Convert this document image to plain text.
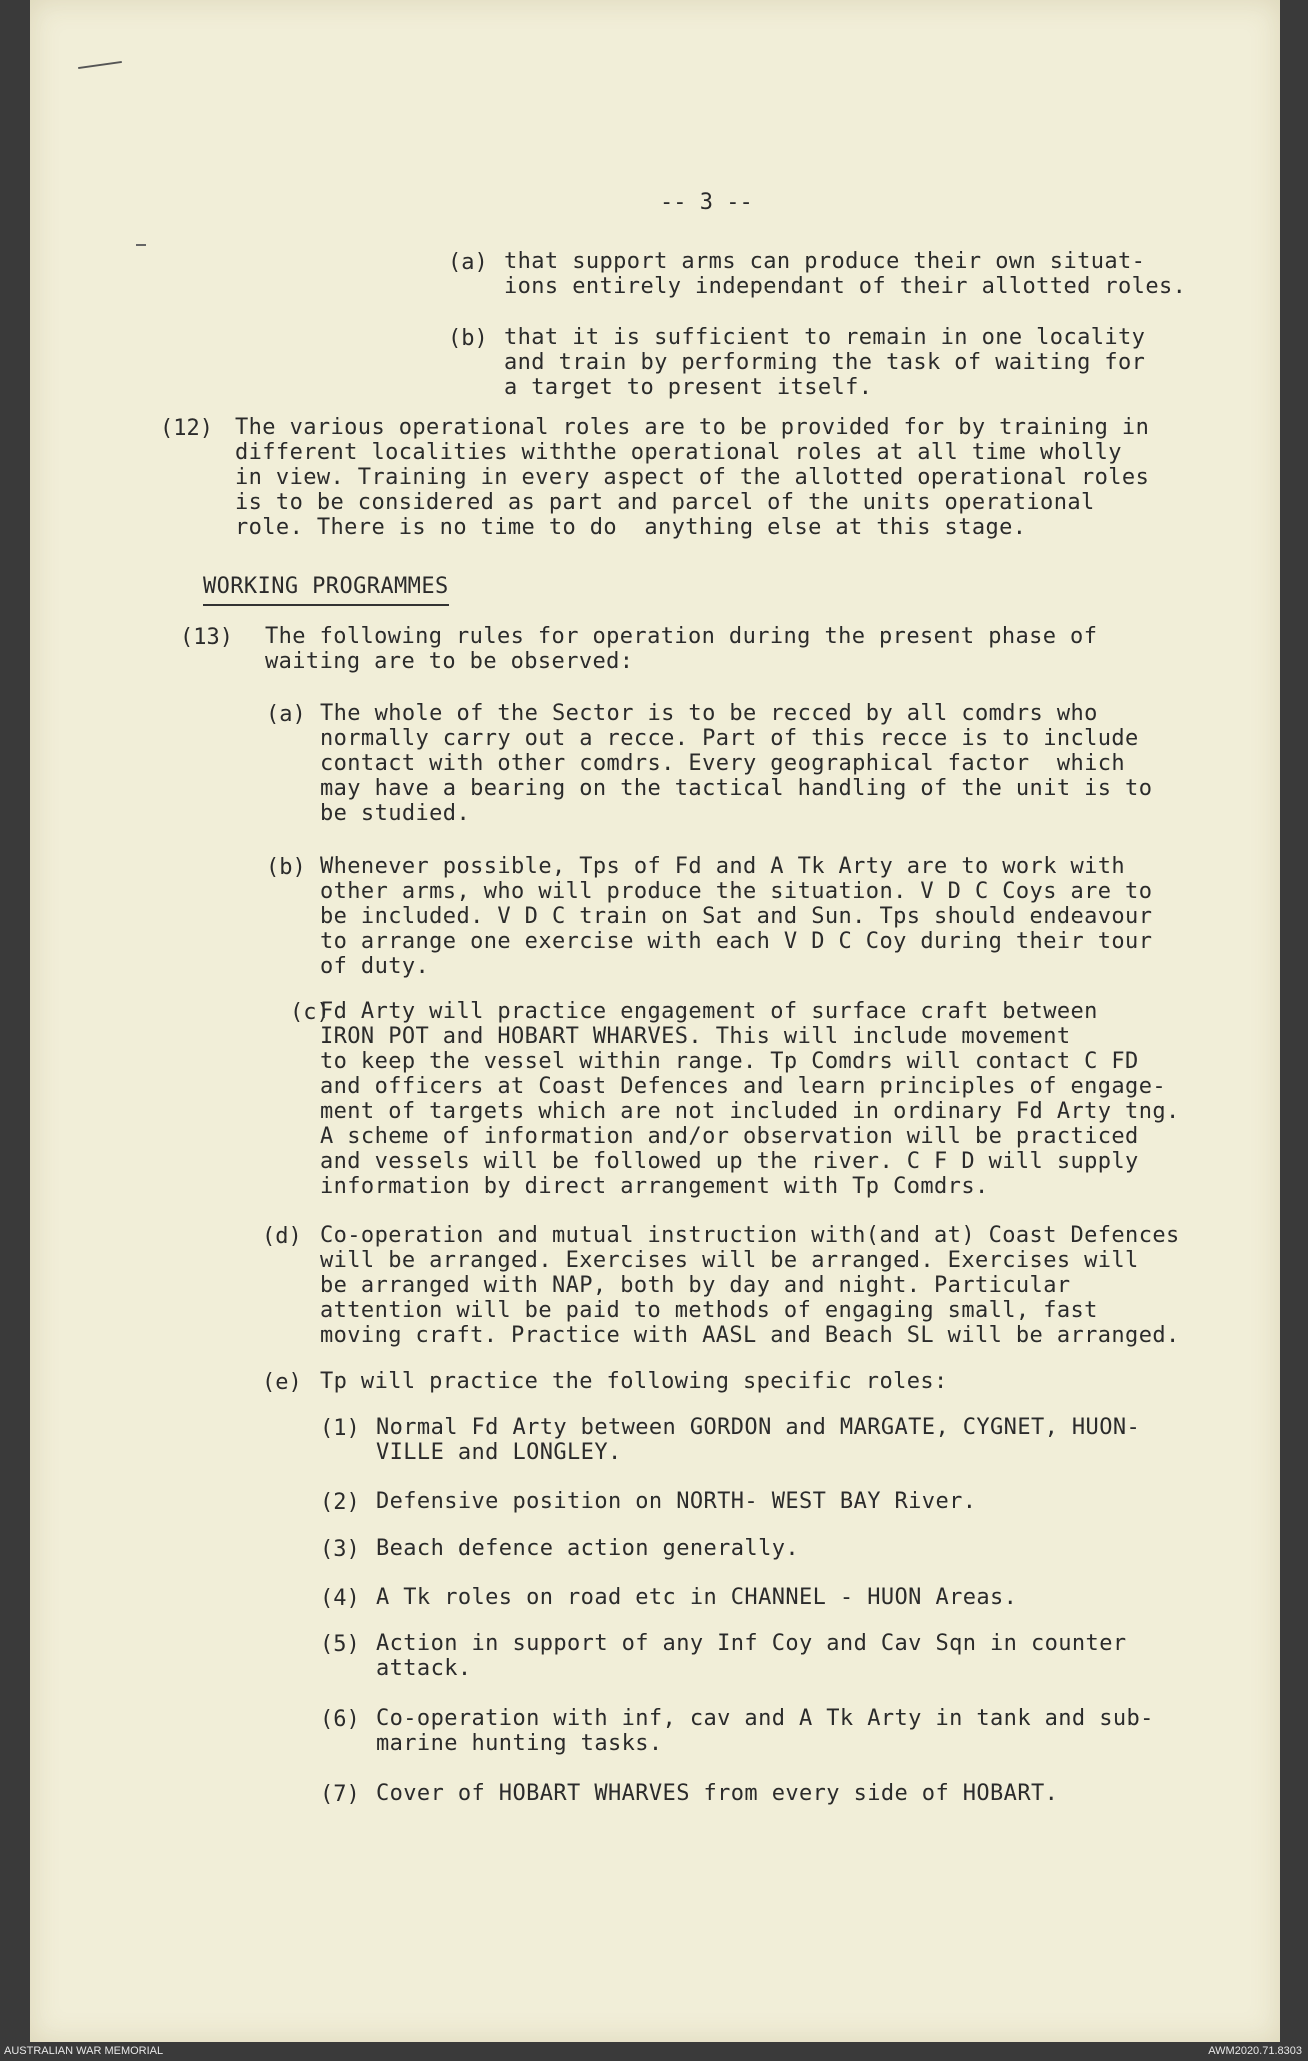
-- 3 --
(a) that support arms can produce their own situat-
ions entirely independant of their allotted roles.
(b) that it is sufficient to remain in one locality
and train by performing the task of waiting for
a target to present itself.
(12) The various operational roles are to be provided for by training in
different localities withthe operational roles at all time wholly
in view. Training in every aspect of the allotted operational roles
is to be considered as part and parcel of the units operational
role. There is no time to do  anything else at this stage.
WORKING PROGRAMMES
(13) The following rules for operation during the present phase of
waiting are to be observed:
(a) The whole of the Sector is to be recced by all comdrs who
normally carry out a recce. Part of this recce is to include
contact with other comdrs. Every geographical factor  which
may have a bearing on the tactical handling of the unit is to
be studied.
(b) Whenever possible, Tps of Fd and A Tk Arty are to work with
other arms, who will produce the situation. V D C Coys are to
be included. V D C train on Sat and Sun. Tps should endeavour
to arrange one exercise with each V D C Coy during their tour
of duty.
(c)
Fd Arty will practice engagement of surface craft between
IRON POT and HOBART WHARVES. This will include movement
to keep the vessel within range. Tp Comdrs will contact C FD
and officers at Coast Defences and learn principles of engage-
ment of targets which are not included in ordinary Fd Arty tng.
A scheme of information and/or observation will be practiced
and vessels will be followed up the river. C F D will supply
information by direct arrangement with Tp Comdrs.
(d) Co-operation and mutual instruction with(and at) Coast Defences
will be arranged. Exercises will be arranged. Exercises will
be arranged with NAP, both by day and night. Particular
attention will be paid to methods of engaging small, fast
moving craft. Practice with AASL and Beach SL will be arranged.
(e) Tp will practice the following specific roles:
(1) Normal Fd Arty between GORDON and MARGATE, CYGNET, HUON-
VILLE and LONGLEY.
(2) Defensive position on NORTH- WEST BAY River.
(3) Beach defence action generally.
(4) A Tk roles on road etc in CHANNEL - HUON Areas.
(5) Action in support of any Inf Coy and Cav Sqn in counter
attack.
(6) Co-operation with inf, cav and A Tk Arty in tank and sub-
marine hunting tasks.
(7) Cover of HOBART WHARVES from every side of HOBART.
AUSTRALIAN WAR MEMORIAL	AWM2020.71.8303
